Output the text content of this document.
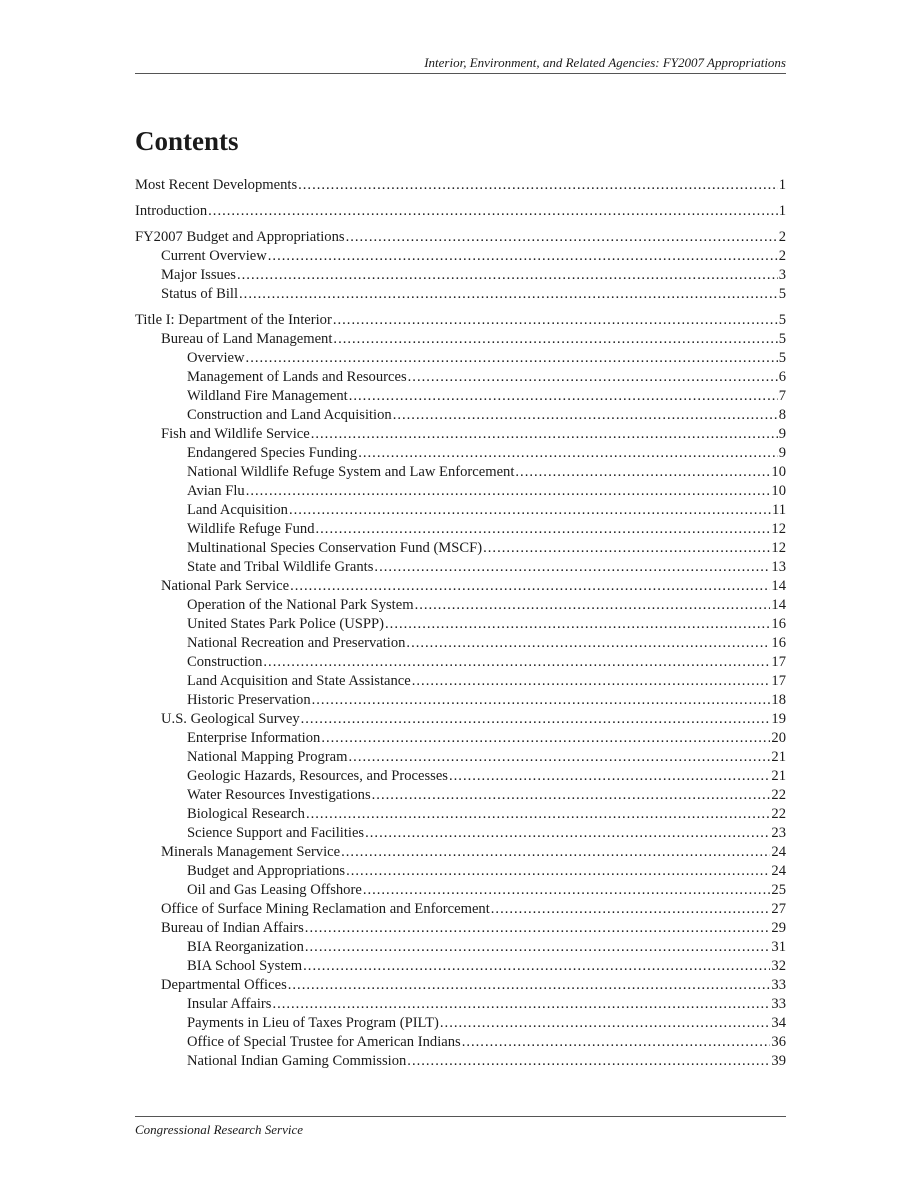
Interior, Environment, and Related Agencies: FY2007 Appropriations
Contents
Most Recent Developments .....	1
Introduction .....	1
FY2007 Budget and Appropriations .....	2
Current Overview .....	2
Major Issues .....	3
Status of Bill .....	5
Title I: Department of the Interior .....	5
Bureau of Land Management .....	5
Overview .....	5
Management of Lands and Resources .....	6
Wildland Fire Management .....	7
Construction and Land Acquisition .....	8
Fish and Wildlife Service .....	9
Endangered Species Funding .....	9
National Wildlife Refuge System and Law Enforcement .....	10
Avian Flu .....	10
Land Acquisition .....	11
Wildlife Refuge Fund .....	12
Multinational Species Conservation Fund (MSCF) .....	12
State and Tribal Wildlife Grants .....	13
National Park Service .....	14
Operation of the National Park System .....	14
United States Park Police (USPP) .....	16
National Recreation and Preservation .....	16
Construction .....	17
Land Acquisition and State Assistance .....	17
Historic Preservation .....	18
U.S. Geological Survey .....	19
Enterprise Information .....	20
National Mapping Program .....	21
Geologic Hazards, Resources, and Processes .....	21
Water Resources Investigations .....	22
Biological Research .....	22
Science Support and Facilities .....	23
Minerals Management Service .....	24
Budget and Appropriations .....	24
Oil and Gas Leasing Offshore .....	25
Office of Surface Mining Reclamation and Enforcement .....	27
Bureau of Indian Affairs .....	29
BIA Reorganization .....	31
BIA School System .....	32
Departmental Offices .....	33
Insular Affairs .....	33
Payments in Lieu of Taxes Program (PILT) .....	34
Office of Special Trustee for American Indians .....	36
National Indian Gaming Commission .....	39
Congressional Research Service
